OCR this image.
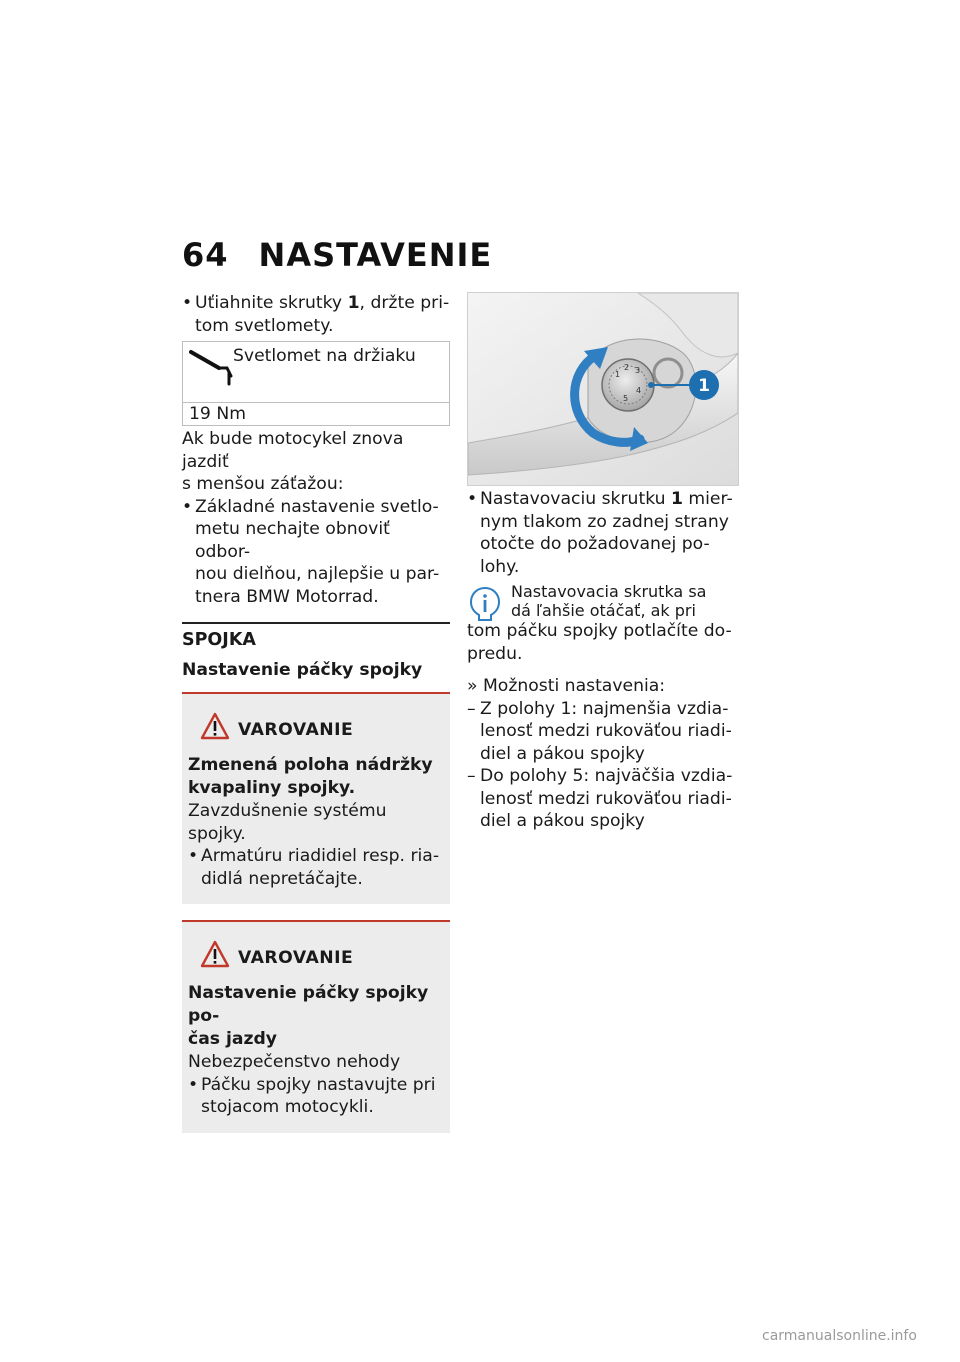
64 NASTAVENIE
• Uťiahnite skrutky 1, držte pri-
tom svetlomety.
Svetlomet na držiaku
19 Nm

Ak bude motocykel znova jazdiť
s menšou záťažou:

• Základné nastavenie svetlo-
metu nechajte obnoviť odbor-
nou dielňou, najlepšie u par-
tnera BMW Motorrad.
SPOJKA
Nastavenie páčky spojky
VAROVANIE
Zmenená poloha nádržky
kvapaliny spojky.

Zavzdušnenie systému spojky.

• Armatúru riadidiel resp. ria-
didlá nepretáčajte.
VAROVANIE
Nastavenie páčky spojky po-
čas jazdy

Nebezpečenstvo nehody

• Páčku spojky nastavujte pri
stojacom motocykli.
1
2 3
4
5
1
• Nastavovaciu skrutku 1 mier-
nym tlakom zo zadnej strany
otočte do požadovanej po-
lohy.
Nastavovacia skrutka sa
dá ľahšie otáčať, ak pri

tom páčku spojky potlačíte do-
predu.

» Možnosti nastavenia:

– Z polohy 1: najmenšia vzdia-
lenosť medzi rukoväťou riadi-
diel a pákou spojky
– Do polohy 5: najväčšia vzdia-
lenosť medzi rukoväťou riadi-
diel a pákou spojky
carmanualsonline.info
